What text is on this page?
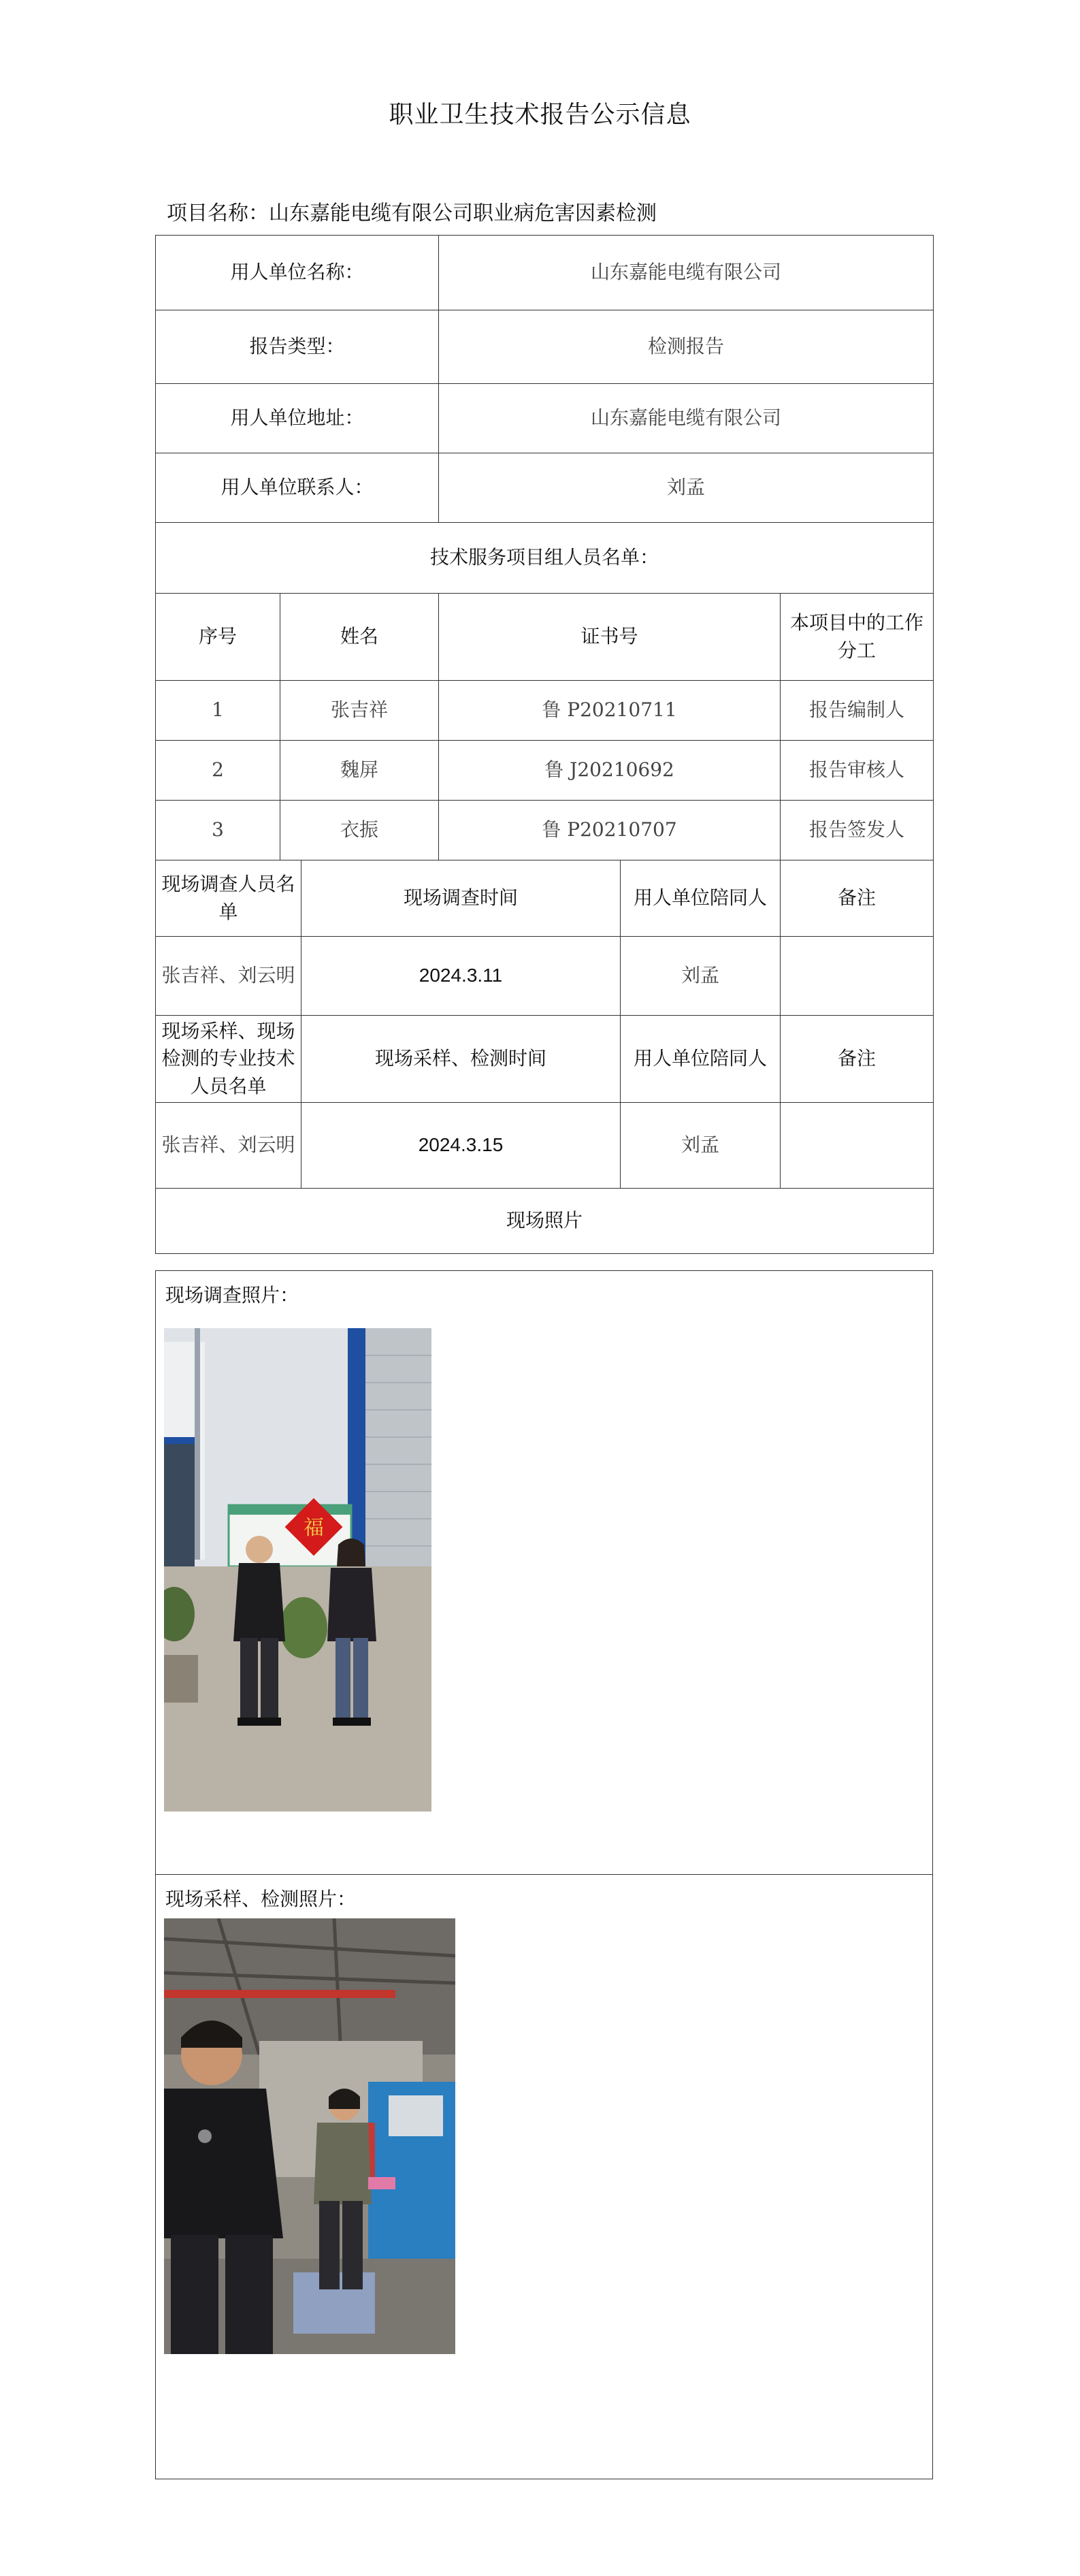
职业卫生技术报告公示信息
项目名称：山东嘉能电缆有限公司职业病危害因素检测
用人单位名称：			山东嘉能电缆有限公司		
报告类型：			检测报告		
用人单位地址：			山东嘉能电缆有限公司		
用人单位联系人：			刘孟		
技术服务项目组人员名单：					
序号	姓名		证书号		本项目中的工作分工
1	张吉祥		鲁 P20210711		报告编制人
2	魏屏		鲁 J20210692		报告审核人
3	衣振		鲁 P20210707		报告签发人
现场调查人员名单		现场调查时间		用人单位陪同人	备注
张吉祥、刘云明		2024.3.11		刘孟	
现场采样、现场检测的专业技术人员名单		现场采样、检测时间		用人单位陪同人	备注
张吉祥、刘云明		2024.3.15		刘孟	
现场照片					
现场调查照片：
福
现场采样、检测照片：
